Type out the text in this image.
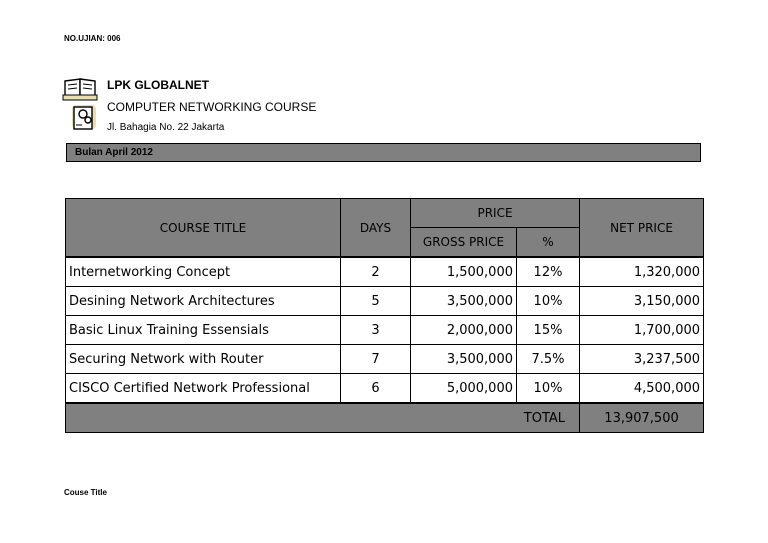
NO.UJIAN: 006
LPK GLOBALNET
COMPUTER NETWORKING COURSE
Jl. Bahagia No. 22 Jakarta
Bulan April 2012
COURSE TITLE	DAYS	PRICE		NET PRICE
		GROSS PRICE	%	
Internetworking Concept	2	1,500,000	12%	1,320,000
Desining Network Architectures	5	3,500,000	10%	3,150,000
Basic Linux Training Essensials	3	2,000,000	15%	1,700,000
Securing Network with Router	7	3,500,000	7.5%	3,237,500
CISCO Certified Network Professional	6	5,000,000	10%	4,500,000
TOTAL				13,907,500
Couse Title
